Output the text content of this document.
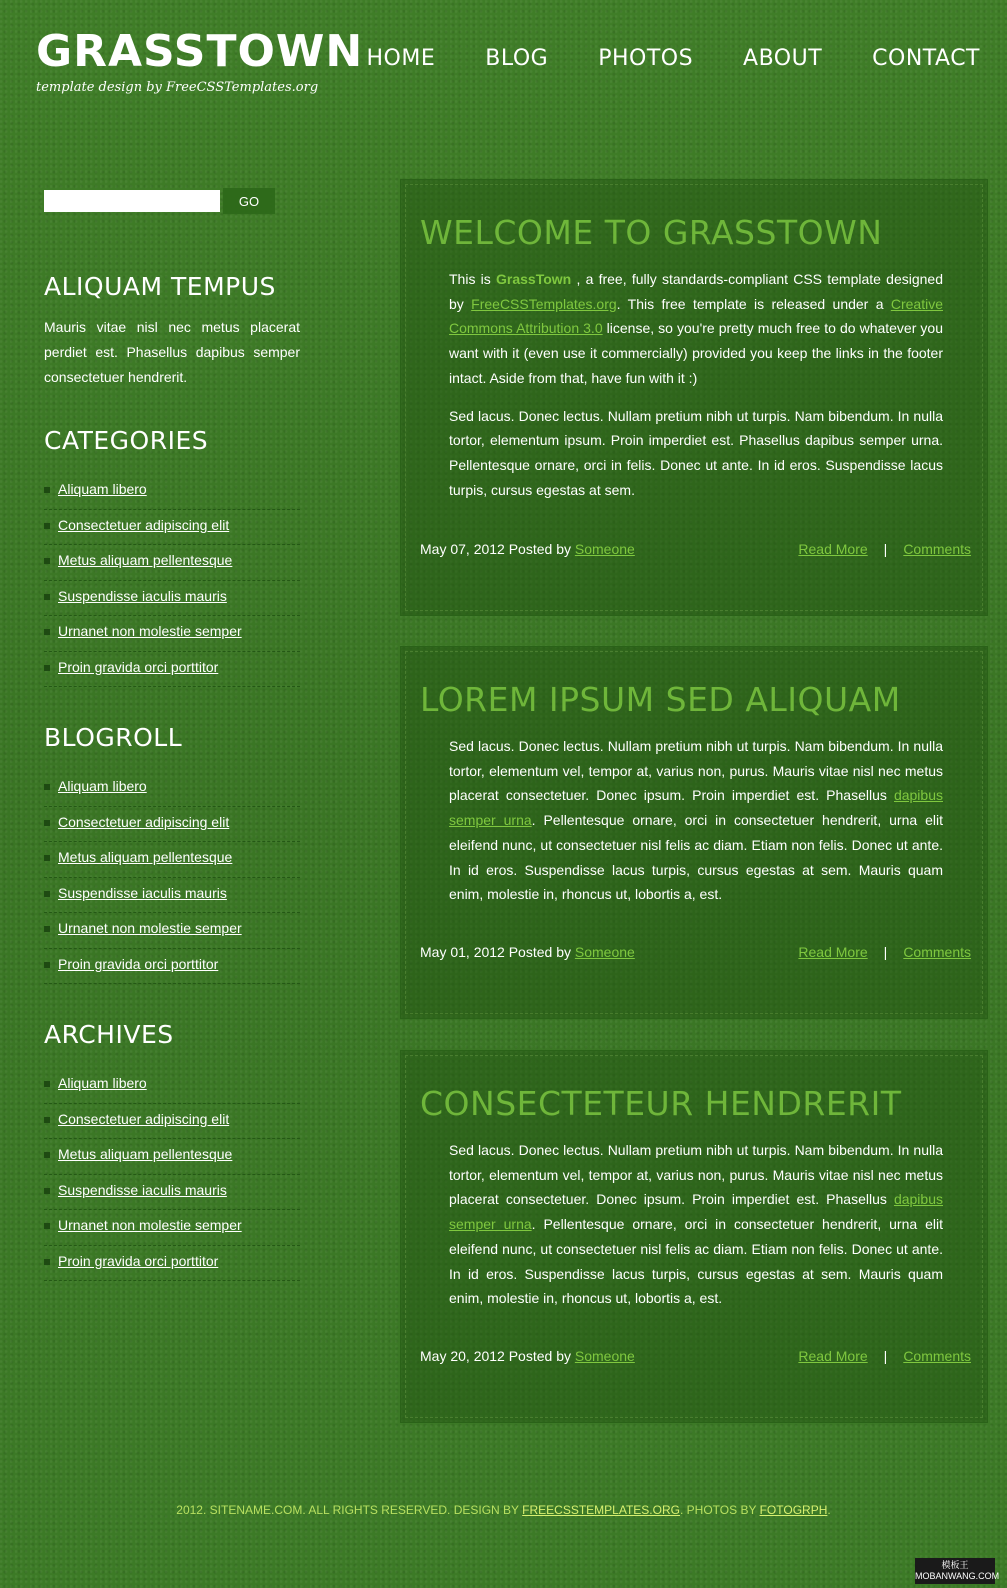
GRASSTOWN
template design by FreeCSSTemplates.org
HOME BLOG PHOTOS ABOUT CONTACT
GO
ALIQUAM TEMPUS
Mauris vitae nisl nec metus placerat perdiet est. Phasellus dapibus semper consectetuer hendrerit.
CATEGORIES
Aliquam libero
Consectetuer adipiscing elit
Metus aliquam pellentesque
Suspendisse iaculis mauris
Urnanet non molestie semper
Proin gravida orci porttitor
BLOGROLL
Aliquam libero
Consectetuer adipiscing elit
Metus aliquam pellentesque
Suspendisse iaculis mauris
Urnanet non molestie semper
Proin gravida orci porttitor
ARCHIVES
Aliquam libero
Consectetuer adipiscing elit
Metus aliquam pellentesque
Suspendisse iaculis mauris
Urnanet non molestie semper
Proin gravida orci porttitor
WELCOME TO GRASSTOWN

This is GrassTown , a free, fully standards-compliant CSS template designed by FreeCSSTemplates.org. This free template is released under a Creative Commons Attribution 3.0 license, so you're pretty much free to do whatever you want with it (even use it commercially) provided you keep the links in the footer intact. Aside from that, have fun with it :)

Sed lacus. Donec lectus. Nullam pretium nibh ut turpis. Nam bibendum. In nulla tortor, elementum ipsum. Proin imperdiet est. Phasellus dapibus semper urna. Pellentesque ornare, orci in felis. Donec ut ante. In id eros. Suspendisse lacus turpis, cursus egestas at sem.

May 07, 2012 Posted by Someone	Read More | Comments
LOREM IPSUM SED ALIQUAM

Sed lacus. Donec lectus. Nullam pretium nibh ut turpis. Nam bibendum. In nulla tortor, elementum vel, tempor at, varius non, purus. Mauris vitae nisl nec metus placerat consectetuer. Donec ipsum. Proin imperdiet est. Phasellus dapibus semper urna. Pellentesque ornare, orci in consectetuer hendrerit, urna elit eleifend nunc, ut consectetuer nisl felis ac diam. Etiam non felis. Donec ut ante. In id eros. Suspendisse lacus turpis, cursus egestas at sem. Mauris quam enim, molestie in, rhoncus ut, lobortis a, est.

May 01, 2012 Posted by Someone	Read More | Comments
CONSECTETEUR HENDRERIT

Sed lacus. Donec lectus. Nullam pretium nibh ut turpis. Nam bibendum. In nulla tortor, elementum vel, tempor at, varius non, purus. Mauris vitae nisl nec metus placerat consectetuer. Donec ipsum. Proin imperdiet est. Phasellus dapibus semper urna. Pellentesque ornare, orci in consectetuer hendrerit, urna elit eleifend nunc, ut consectetuer nisl felis ac diam. Etiam non felis. Donec ut ante. In id eros. Suspendisse lacus turpis, cursus egestas at sem. Mauris quam enim, molestie in, rhoncus ut, lobortis a, est.

May 20, 2012 Posted by Someone	Read More | Comments
2012. SITENAME.COM. ALL RIGHTS RESERVED. DESIGN BY FREECSSTEMPLATES.ORG. PHOTOS BY FOTOGRPH.
模板王
MOBANWANG.COM
